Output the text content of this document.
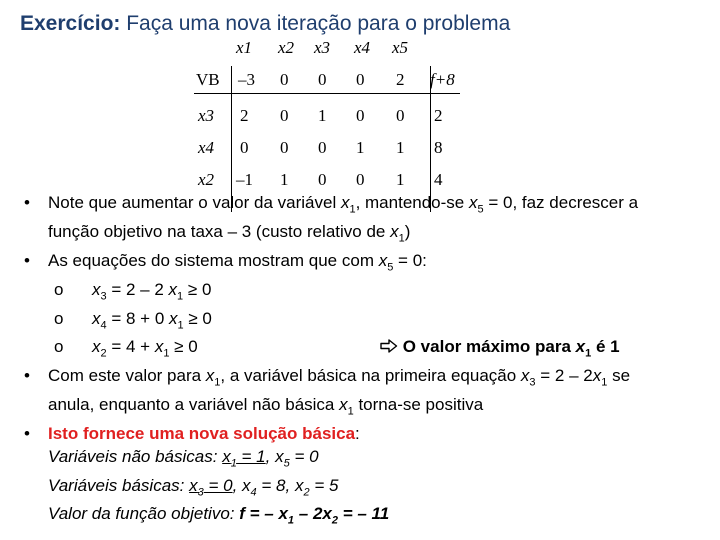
Exercício: Faça uma nova iteração para o problema
x1 x2 x3 x4 x5
VB –3 0 0 0 2 f+8
x3 2 0 1 0 0 2
x4 0 0 0 1 1 8
x2 –1 1 0 0 1 4
• Note que aumentar o valor da variável $x_1$, mantendo-se $x_5 = 0$, faz decrescer a
função objetivo na taxa – 3 (custo relativo de $x_1$)
• As equações do sistema mostram que com $x_5 = 0$:
o $x_3 = 2 - 2$ $x_1 \ge 0$
o $x_4 = 8 + 0$ $x_1 \ge 0$
o $x_2 = 4 + x_1 \ge 0$	O valor máximo para $x_1$ é 1
• Com este valor para $x_1$, a variável básica na primeira equação $x_3 = 2 - 2x_1$ se
anula, enquanto a variável não básica $x_1$ torna-se positiva
• Isto fornece uma nova solução básica:
Variáveis não básicas: $x_1 = 1$, $x_5 = 0$
Variáveis básicas: $x_3 = 0$, $x_4 = 8$, $x_2 = 5$
Valor da função objetivo: f = – $x_1 - 2x_2$ = – 11
